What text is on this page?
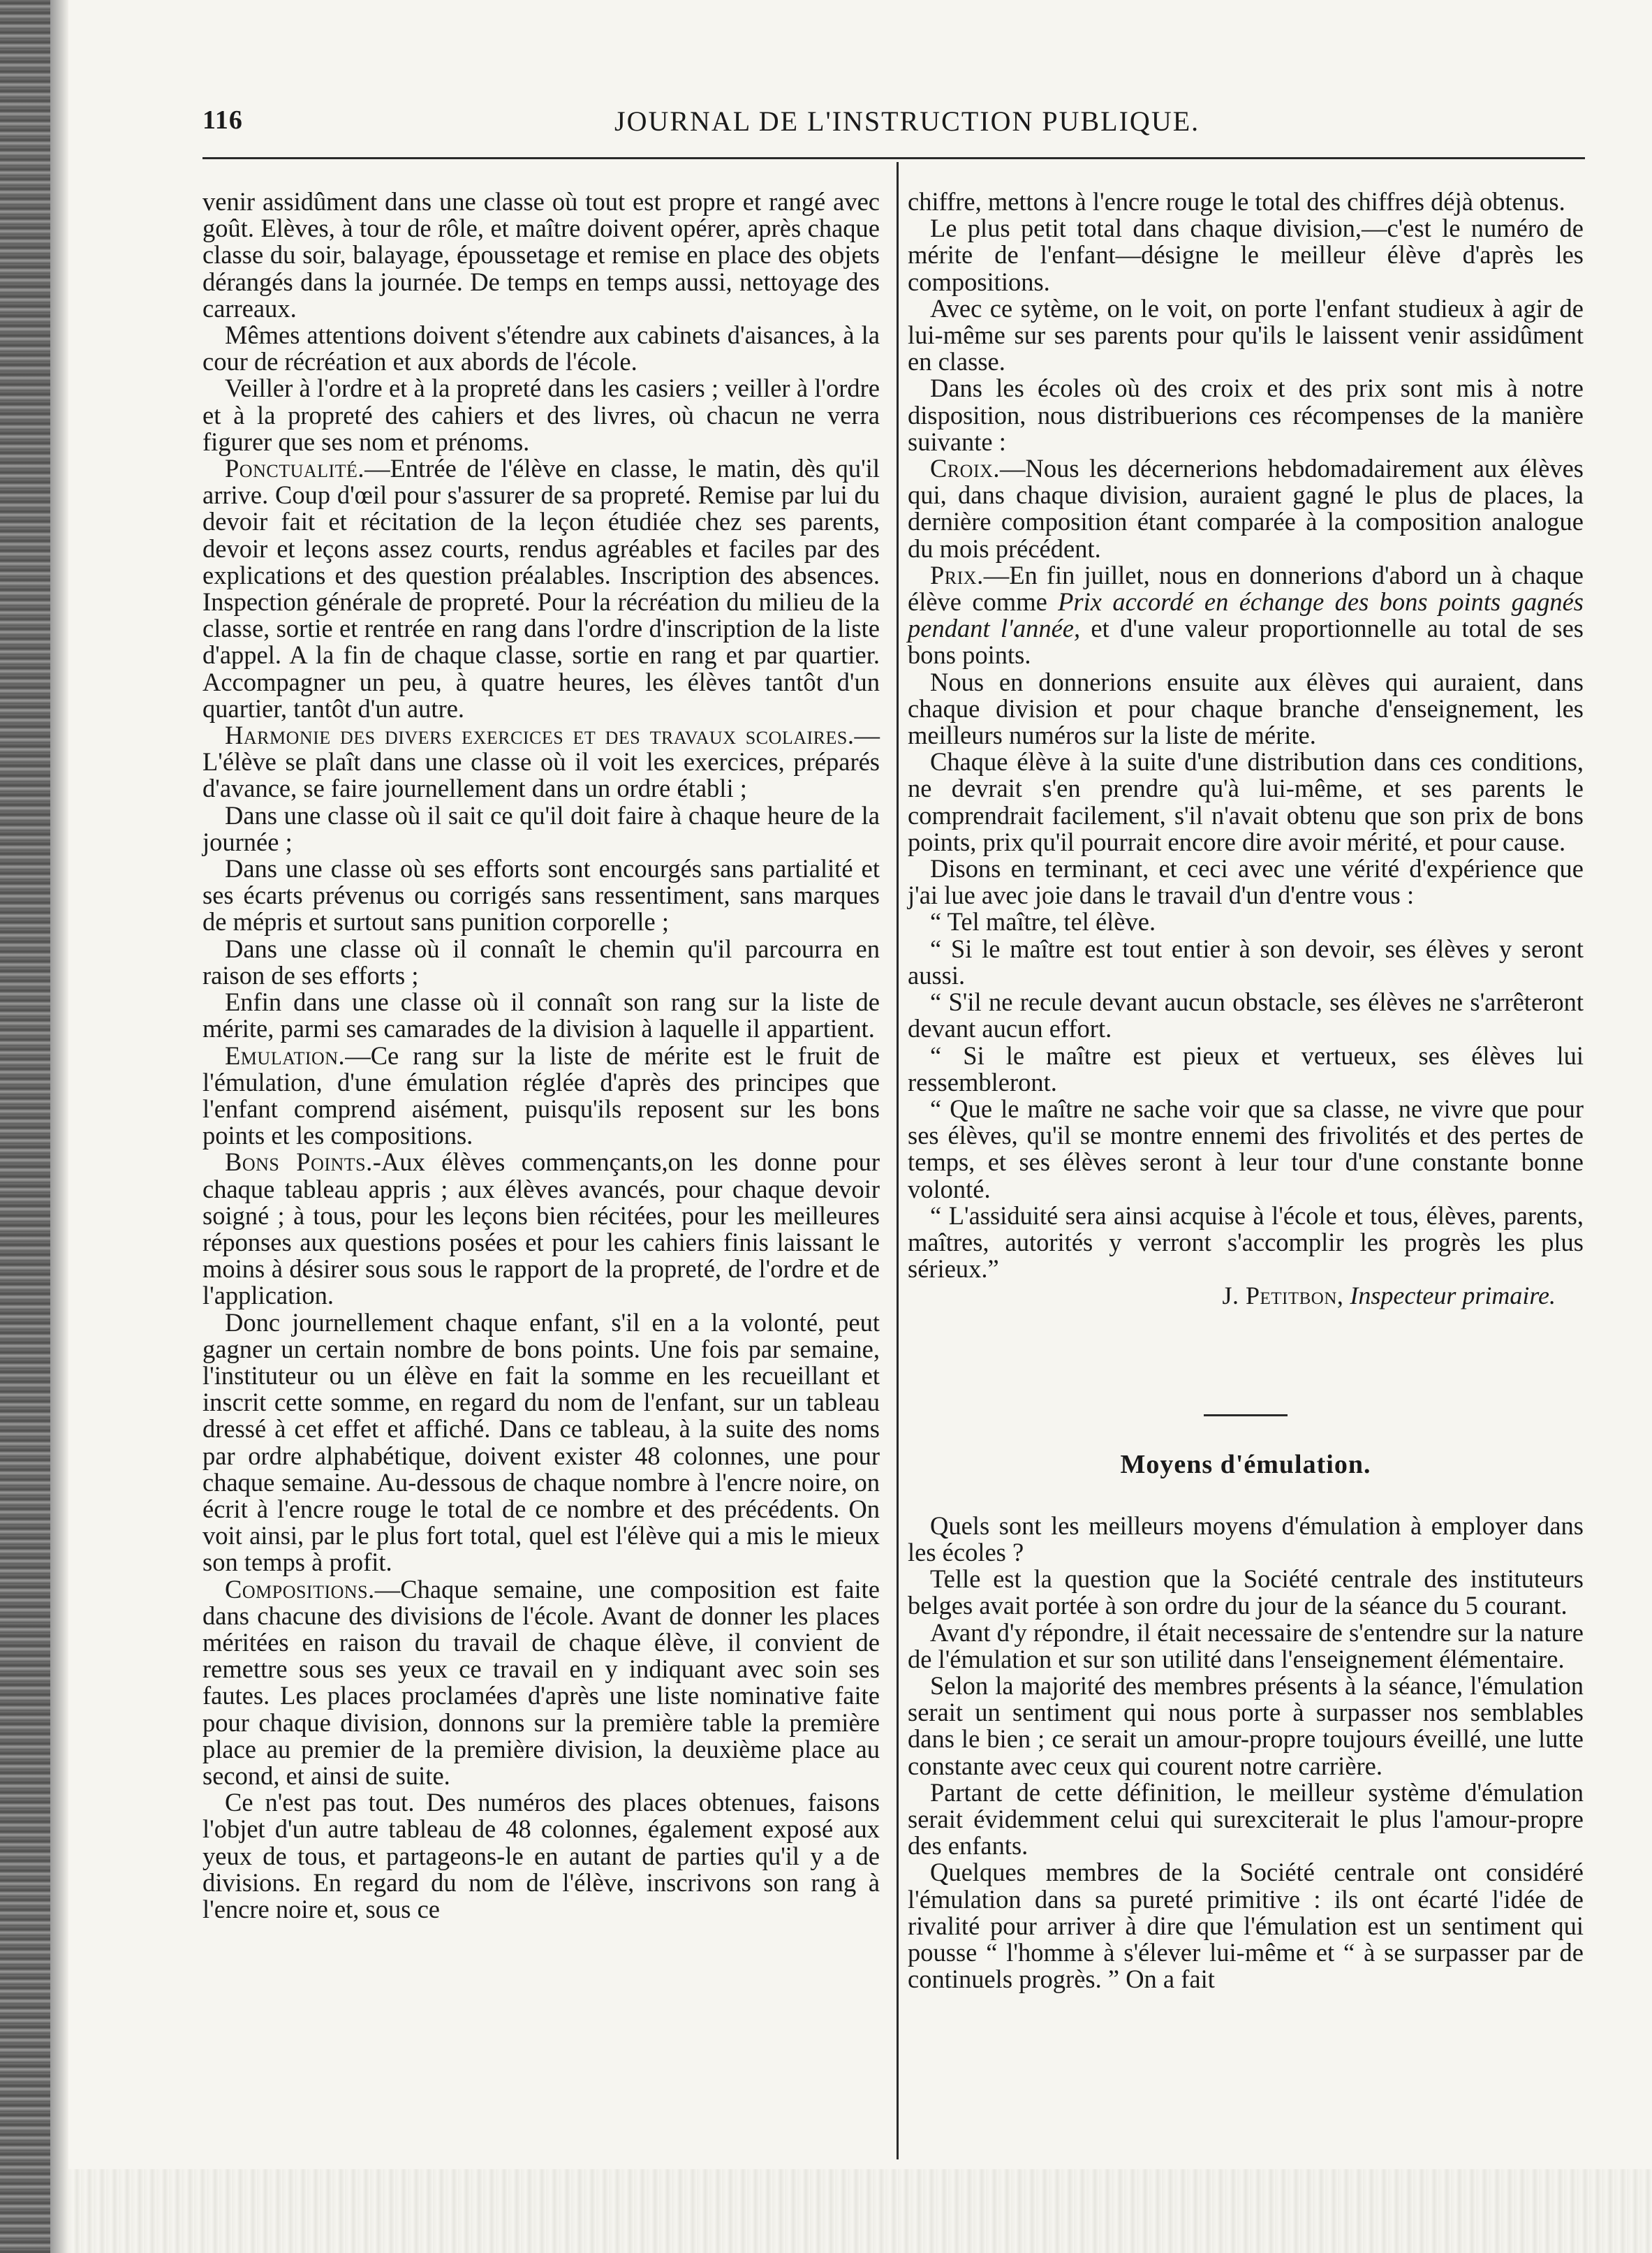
116	JOURNAL DE L'INSTRUCTION PUBLIQUE.

venir assidûment dans une classe où tout est propre et rangé avec goût. Elèves, à tour de rôle, et maître doivent opérer, après chaque classe du soir, balayage, époussetage et remise en place des objets dérangés dans la journée. De temps en temps aussi, nettoyage des carreaux.

Mêmes attentions doivent s'étendre aux cabinets d'aisances, à la cour de récréation et aux abords de l'école.

Veiller à l'ordre et à la propreté dans les casiers ; veiller à l'ordre et à la propreté des cahiers et des livres, où chacun ne verra figurer que ses nom et prénoms.

Ponctualité.—Entrée de l'élève en classe, le matin, dès qu'il arrive. Coup d'œil pour s'assurer de sa propreté. Remise par lui du devoir fait et récitation de la leçon étudiée chez ses parents, devoir et leçons assez courts, rendus agréables et faciles par des explications et des question préalables. Inscription des absences. Inspection générale de propreté. Pour la récréation du milieu de la classe, sortie et rentrée en rang dans l'ordre d'inscription de la liste d'appel. A la fin de chaque classe, sortie en rang et par quartier. Accompagner un peu, à quatre heures, les élèves tantôt d'un quartier, tantôt d'un autre.

Harmonie des divers exercices et des travaux scolaires.—L'élève se plaît dans une classe où il voit les exercices, préparés d'avance, se faire journellement dans un ordre établi ;

Dans une classe où il sait ce qu'il doit faire à chaque heure de la journée ;

Dans une classe où ses efforts sont encourgés sans partialité et ses écarts prévenus ou corrigés sans ressentiment, sans marques de mépris et surtout sans punition corporelle ;

Dans une classe où il connaît le chemin qu'il parcourra en raison de ses efforts ;

Enfin dans une classe où il connaît son rang sur la liste de mérite, parmi ses camarades de la division à laquelle il appartient.

Emulation.—Ce rang sur la liste de mérite est le fruit de l'émulation, d'une émulation réglée d'après des principes que l'enfant comprend aisément, puisqu'ils reposent sur les bons points et les compositions.

Bons Points.-Aux élèves commençants,on les donne pour chaque tableau appris ; aux élèves avancés, pour chaque devoir soigné ; à tous, pour les leçons bien récitées, pour les meilleures réponses aux questions posées et pour les cahiers finis laissant le moins à désirer sous sous le rapport de la propreté, de l'ordre et de l'application.

Donc journellement chaque enfant, s'il en a la volonté, peut gagner un certain nombre de bons points. Une fois par semaine, l'instituteur ou un élève en fait la somme en les recueillant et inscrit cette somme, en regard du nom de l'enfant, sur un tableau dressé à cet effet et affiché. Dans ce tableau, à la suite des noms par ordre alphabétique, doivent exister 48 colonnes, une pour chaque semaine. Au-dessous de chaque nombre à l'encre noire, on écrit à l'encre rouge le total de ce nombre et des précédents. On voit ainsi, par le plus fort total, quel est l'élève qui a mis le mieux son temps à profit.

Compositions.—Chaque semaine, une composition est faite dans chacune des divisions de l'école. Avant de donner les places méritées en raison du travail de chaque élève, il convient de remettre sous ses yeux ce travail en y indiquant avec soin ses fautes. Les places proclamées d'après une liste nominative faite pour chaque division, donnons sur la première table la première place au premier de la première division, la deuxième place au second, et ainsi de suite.

Ce n'est pas tout. Des numéros des places obtenues, faisons l'objet d'un autre tableau de 48 colonnes, également exposé aux yeux de tous, et partageons-le en autant de parties qu'il y a de divisions. En regard du nom de l'élève, inscrivons son rang à l'encre noire et, sous ce

chiffre, mettons à l'encre rouge le total des chiffres déjà obtenus.

Le plus petit total dans chaque division,—c'est le numéro de mérite de l'enfant—désigne le meilleur élève d'après les compositions.

Avec ce sytème, on le voit, on porte l'enfant studieux à agir de lui-même sur ses parents pour qu'ils le laissent venir assidûment en classe.

Dans les écoles où des croix et des prix sont mis à notre disposition, nous distribuerions ces récompenses de la manière suivante :

Croix.—Nous les décernerions hebdomadairement aux élèves qui, dans chaque division, auraient gagné le plus de places, la dernière composition étant comparée à la composition analogue du mois précédent.

Prix.—En fin juillet, nous en donnerions d'abord un à chaque élève comme Prix accordé en échange des bons points gagnés pendant l'année, et d'une valeur proportionnelle au total de ses bons points.

Nous en donnerions ensuite aux élèves qui auraient, dans chaque division et pour chaque branche d'enseignement, les meilleurs numéros sur la liste de mérite.

Chaque élève à la suite d'une distribution dans ces conditions, ne devrait s'en prendre qu'à lui-même, et ses parents le comprendrait facilement, s'il n'avait obtenu que son prix de bons points, prix qu'il pourrait encore dire avoir mérité, et pour cause.

Disons en terminant, et ceci avec une vérité d'expérience que j'ai lue avec joie dans le travail d'un d'entre vous :

“ Tel maître, tel élève.

“ Si le maître est tout entier à son devoir, ses élèves y seront aussi.

“ S'il ne recule devant aucun obstacle, ses élèves ne s'arrêteront devant aucun effort.

“ Si le maître est pieux et vertueux, ses élèves lui ressembleront.

“ Que le maître ne sache voir que sa classe, ne vivre que pour ses élèves, qu'il se montre ennemi des frivolités et des pertes de temps, et ses élèves seront à leur tour d'une constante bonne volonté.

“ L'assiduité sera ainsi acquise à l'école et tous, élèves, parents, maîtres, autorités y verront s'accomplir les progrès les plus sérieux.”

J. Petitbon, Inspecteur primaire.

Moyens d'émulation.

Quels sont les meilleurs moyens d'émulation à employer dans les écoles ?

Telle est la question que la Société centrale des instituteurs belges avait portée à son ordre du jour de la séance du 5 courant.

Avant d'y répondre, il était necessaire de s'entendre sur la nature de l'émulation et sur son utilité dans l'enseignement élémentaire.

Selon la majorité des membres présents à la séance, l'émulation serait un sentiment qui nous porte à surpasser nos semblables dans le bien ; ce serait un amour-propre toujours éveillé, une lutte constante avec ceux qui courent notre carrière.

Partant de cette définition, le meilleur système d'émulation serait évidemment celui qui surexciterait le plus l'amour-propre des enfants.

Quelques membres de la Société centrale ont considéré l'émulation dans sa pureté primitive : ils ont écarté l'idée de rivalité pour arriver à dire que l'émulation est un sentiment qui pousse “ l'homme à s'élever lui-même et “ à se surpasser par de continuels progrès. ” On a fait
